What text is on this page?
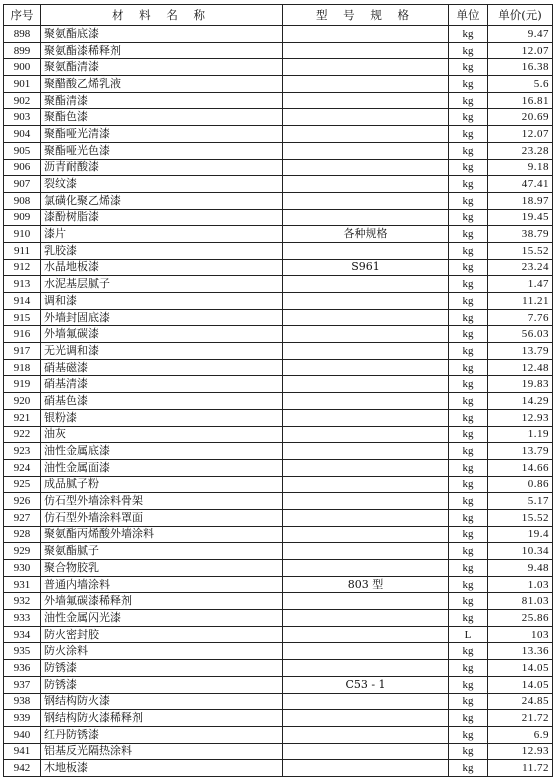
序号	材 料 名 称	型 号 规 格	单位	单价(元)
898	聚氨酯底漆		kg	9.47
899	聚氨酯漆稀释剂		kg	12.07
900	聚氨酯清漆		kg	16.38
901	聚醋酸乙烯乳液		kg	5.6
902	聚酯清漆		kg	16.81
903	聚酯色漆		kg	20.69
904	聚酯哑光清漆		kg	12.07
905	聚酯哑光色漆		kg	23.28
906	沥青耐酸漆		kg	9.18
907	裂纹漆		kg	47.41
908	氯磺化聚乙烯漆		kg	18.97
909	漆酚树脂漆		kg	19.45
910	漆片	各种规格	kg	38.79
911	乳胶漆		kg	15.52
912	水晶地板漆	S961	kg	23.24
913	水泥基层腻子		kg	1.47
914	调和漆		kg	11.21
915	外墙封固底漆		kg	7.76
916	外墙氟碳漆		kg	56.03
917	无光调和漆		kg	13.79
918	硝基磁漆		kg	12.48
919	硝基清漆		kg	19.83
920	硝基色漆		kg	14.29
921	银粉漆		kg	12.93
922	油灰		kg	1.19
923	油性金属底漆		kg	13.79
924	油性金属面漆		kg	14.66
925	成品腻子粉		kg	0.86
926	仿石型外墙涂料骨架		kg	5.17
927	仿石型外墙涂料罩面		kg	15.52
928	聚氨酯丙烯酸外墙涂料		kg	19.4
929	聚氨酯腻子		kg	10.34
930	聚合物胶乳		kg	9.48
931	普通内墙涂料	803 型	kg	1.03
932	外墙氟碳漆稀释剂		kg	81.03
933	油性金属闪光漆		kg	25.86
934	防火密封胶		L	103
935	防火涂料		kg	13.36
936	防锈漆		kg	14.05
937	防锈漆	C53 - 1	kg	14.05
938	钢结构防火漆		kg	24.85
939	钢结构防火漆稀释剂		kg	21.72
940	红丹防锈漆		kg	6.9
941	铝基反光隔热涂料		kg	12.93
942	木地板漆		kg	11.72
